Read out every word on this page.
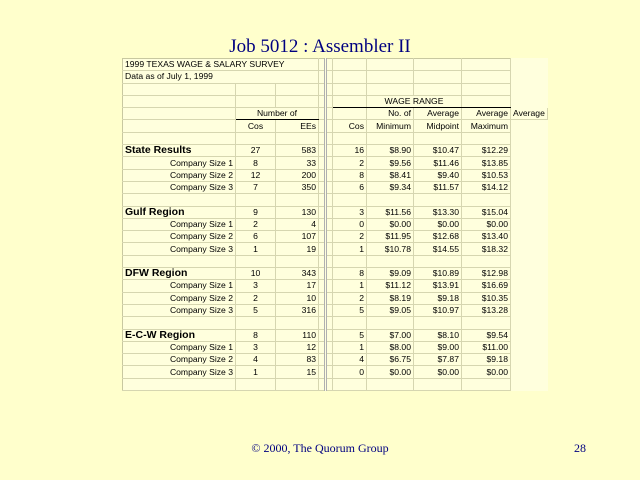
Job 5012 : Assembler II
1999 TEXAS WAGE & SALARY SURVEY									
Data as of July 1, 1999									

						WAGE RANGE			
	Number of					No. of	Average	Average	Average
	Cos	EEs			Cos	Minimum	Midpoint	Maximum	

State Results	27	583			16	$8.90	$10.47	$12.29	
Company Size 1	8	33			2	$9.56	$11.46	$13.85	
Company Size 2	12	200			8	$8.41	$9.40	$10.53	
Company Size 3	7	350			6	$9.34	$11.57	$14.12	

Gulf Region	9	130			3	$11.56	$13.30	$15.04	
Company Size 1	2	4			0	$0.00	$0.00	$0.00	
Company Size 2	6	107			2	$11.95	$12.68	$13.40	
Company Size 3	1	19			1	$10.78	$14.55	$18.32	

DFW Region	10	343			8	$9.09	$10.89	$12.98	
Company Size 1	3	17			1	$11.12	$13.91	$16.69	
Company Size 2	2	10			2	$8.19	$9.18	$10.35	
Company Size 3	5	316			5	$9.05	$10.97	$13.28	

E-C-W Region	8	110			5	$7.00	$8.10	$9.54	
Company Size 1	3	12			1	$8.00	$9.00	$11.00	
Company Size 2	4	83			4	$6.75	$7.87	$9.18	
Company Size 3	1	15			0	$0.00	$0.00	$0.00	

© 2000, The Quorum Group	28
